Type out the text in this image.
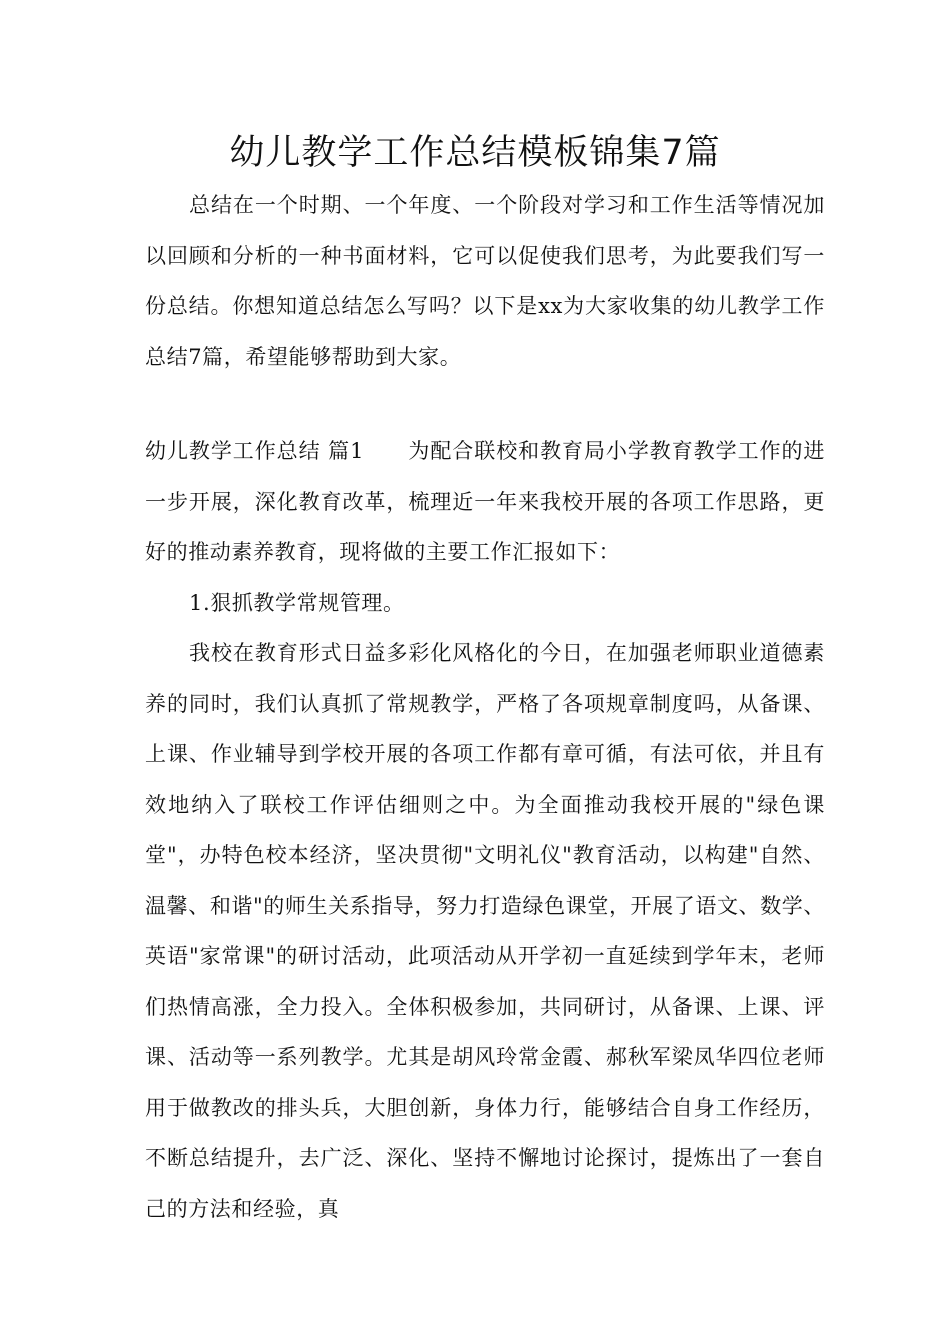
幼儿教学工作总结模板锦集7篇

总结在一个时期、一个年度、一个阶段对学习和工作生活等情况加以回顾和分析的一种书面材料，它可以促使我们思考，为此要我们写一份总结。你想知道总结怎么写吗？以下是xx为大家收集的幼儿教学工作总结7篇，希望能够帮助到大家。

幼儿教学工作总结 篇1 为配合联校和教育局小学教育教学工作的进一步开展，深化教育改革，梳理近一年来我校开展的各项工作思路，更好的推动素养教育，现将做的主要工作汇报如下：

1.狠抓教学常规管理。

我校在教育形式日益多彩化风格化的今日，在加强老师职业道德素养的同时，我们认真抓了常规教学，严格了各项规章制度吗，从备课、上课、作业辅导到学校开展的各项工作都有章可循，有法可依，并且有效地纳入了联校工作评估细则之中。为全面推动我校开展的"绿色课堂"，办特色校本经济，坚决贯彻"文明礼仪"教育活动，以构建"自然、温馨、和谐"的师生关系指导，努力打造绿色课堂，开展了语文、数学、英语"家常课"的研讨活动，此项活动从开学初一直延续到学年末，老师们热情高涨，全力投入。全体积极参加，共同研讨，从备课、上课、评课、活动等一系列教学。尤其是胡风玲常金霞、郝秋军梁凤华四位老师用于做教改的排头兵，大胆创新，身体力行，能够结合自身工作经历，不断总结提升，去广泛、深化、坚持不懈地讨论探讨，提炼出了一套自己的方法和经验，真
